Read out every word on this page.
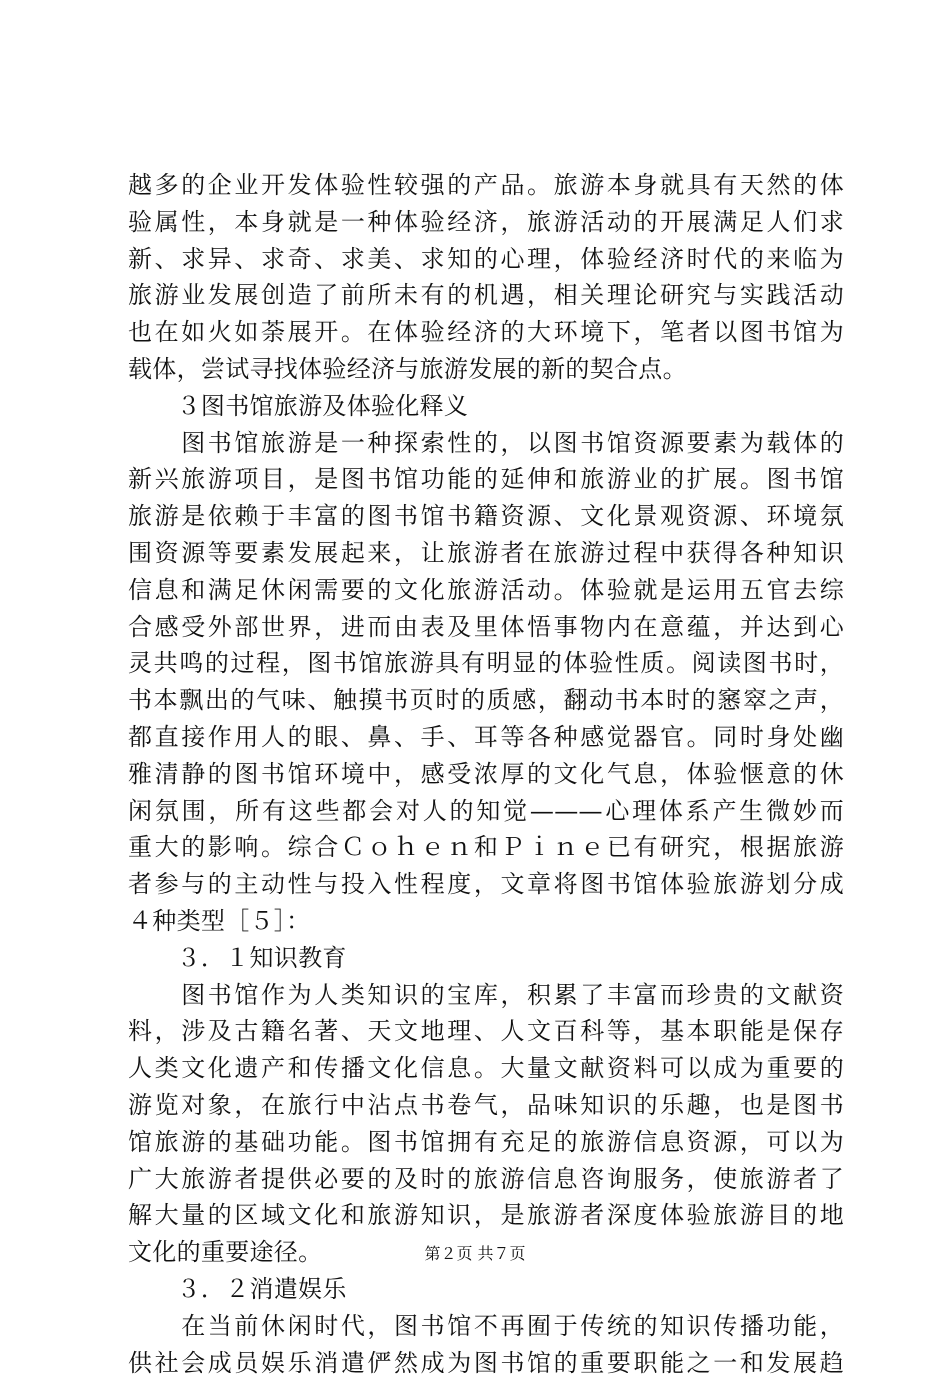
越多的企业开发体验性较强的产品。旅游本身就具有天然的体
验属性，本身就是一种体验经济，旅游活动的开展满足人们求
新、求异、求奇、求美、求知的心理，体验经济时代的来临为
旅游业发展创造了前所未有的机遇，相关理论研究与实践活动
也在如火如荼展开。在体验经济的大环境下，笔者以图书馆为
载体，尝试寻找体验经济与旅游发展的新的契合点。
　　３图书馆旅游及体验化释义
　　图书馆旅游是一种探索性的，以图书馆资源要素为载体的
新兴旅游项目，是图书馆功能的延伸和旅游业的扩展。图书馆
旅游是依赖于丰富的图书馆书籍资源、文化景观资源、环境氛
围资源等要素发展起来，让旅游者在旅游过程中获得各种知识
信息和满足休闲需要的文化旅游活动。体验就是运用五官去综
合感受外部世界，进而由表及里体悟事物内在意蕴，并达到心
灵共鸣的过程，图书馆旅游具有明显的体验性质。阅读图书时，
书本飘出的气味、触摸书页时的质感，翻动书本时的窸窣之声，
都直接作用人的眼、鼻、手、耳等各种感觉器官。同时身处幽
雅清静的图书馆环境中，感受浓厚的文化气息，体验惬意的休
闲氛围，所有这些都会对人的知觉———心理体系产生微妙而
重大的影响。综合Ｃｏｈｅｎ和Ｐｉｎｅ已有研究，根据旅游
者参与的主动性与投入性程度，文章将图书馆体验旅游划分成
４种类型［５］：
　　３．１知识教育
　　图书馆作为人类知识的宝库，积累了丰富而珍贵的文献资
料，涉及古籍名著、天文地理、人文百科等，基本职能是保存
人类文化遗产和传播文化信息。大量文献资料可以成为重要的
游览对象，在旅行中沾点书卷气，品味知识的乐趣，也是图书
馆旅游的基础功能。图书馆拥有充足的旅游信息资源，可以为
广大旅游者提供必要的及时的旅游信息咨询服务，使旅游者了
解大量的区域文化和旅游知识，是旅游者深度体验旅游目的地
文化的重要途径。
　　３．２消遣娱乐
　　在当前休闲时代，图书馆不再囿于传统的知识传播功能，
供社会成员娱乐消遣俨然成为图书馆的重要职能之一和发展趋
第２页 共７页
